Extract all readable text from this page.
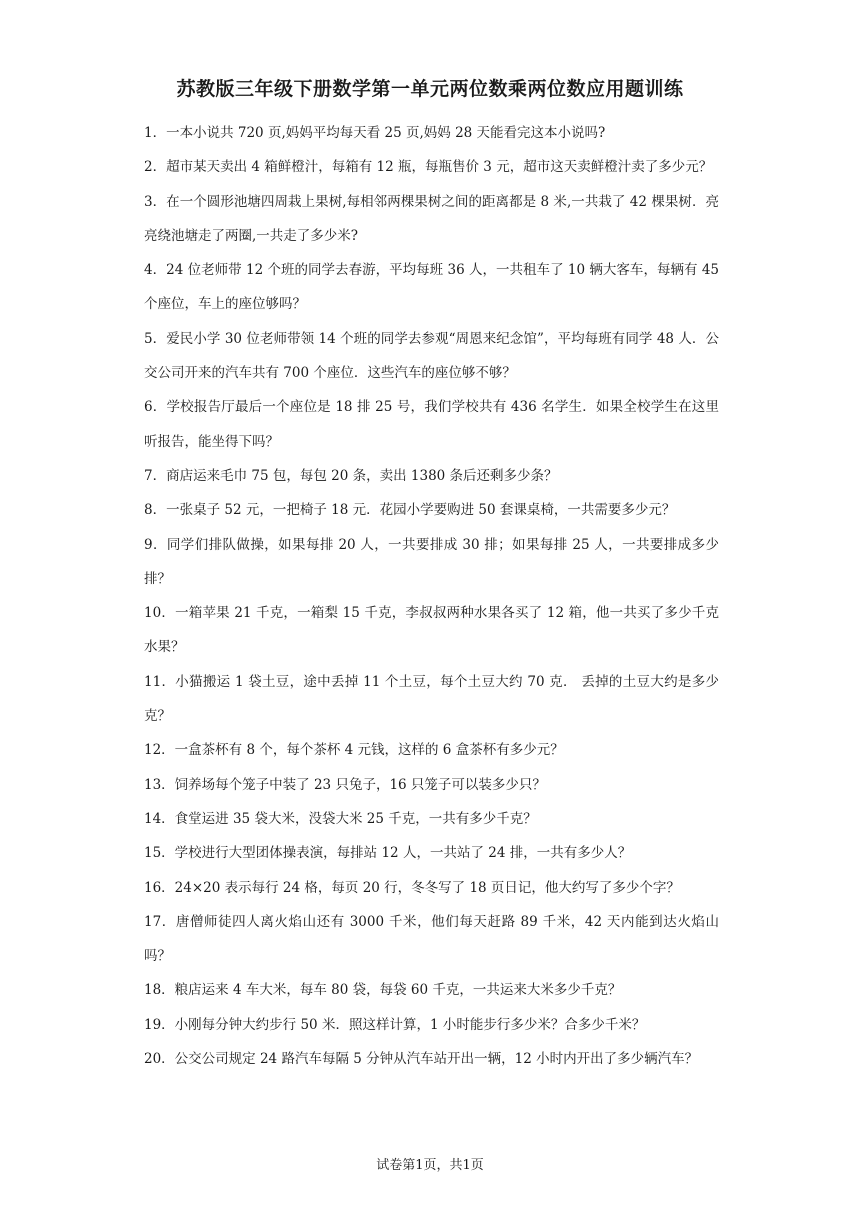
苏教版三年级下册数学第一单元两位数乘两位数应用题训练
1．一本小说共 720 页,妈妈平均每天看 25 页,妈妈 28 天能看完这本小说吗?
2．超市某天卖出 4 箱鲜橙汁，每箱有 12 瓶，每瓶售价 3 元，超市这天卖鲜橙汁卖了多少元？
3．在一个圆形池塘四周栽上果树,每相邻两棵果树之间的距离都是 8 米,一共栽了 42 棵果树．亮亮绕池塘走了两圈,一共走了多少米?
4．24 位老师带 12 个班的同学去春游，平均每班 36 人，一共租车了 10 辆大客车，每辆有 45 个座位，车上的座位够吗？
5．爱民小学 30 位老师带领 14 个班的同学去参观“周恩来纪念馆”，平均每班有同学 48 人．公交公司开来的汽车共有 700 个座位．这些汽车的座位够不够？
6．学校报告厅最后一个座位是 18 排 25 号，我们学校共有 436 名学生．如果全校学生在这里听报告，能坐得下吗？
7．商店运来毛巾 75 包，每包 20 条，卖出 1380 条后还剩多少条？
8．一张桌子 52 元，一把椅子 18 元．花园小学要购进 50 套课桌椅，一共需要多少元？
9．同学们排队做操，如果每排 20 人，一共要排成 30 排；如果每排 25 人，一共要排成多少排？
10．一箱苹果 21 千克，一箱梨 15 千克，李叔叔两种水果各买了 12 箱，他一共买了多少千克水果？
11．小猫搬运 1 袋土豆，途中丢掉 11 个土豆，每个土豆大约 70 克． 丢掉的土豆大约是多少克？
12．一盒茶杯有 8 个，每个茶杯 4 元钱，这样的 6 盒茶杯有多少元？
13．饲养场每个笼子中装了 23 只兔子，16 只笼子可以装多少只？
14．食堂运进 35 袋大米，没袋大米 25 千克，一共有多少千克？
15．学校进行大型团体操表演，每排站 12 人，一共站了 24 排，一共有多少人？
16．24×20 表示每行 24 格，每页 20 行，冬冬写了 18 页日记，他大约写了多少个字？
17．唐僧师徒四人离火焰山还有 3000 千米，他们每天赶路 89 千米，42 天内能到达火焰山吗？
18．粮店运来 4 车大米，每车 80 袋，每袋 60 千克，一共运来大米多少千克？
19．小刚每分钟大约步行 50 米．照这样计算，1 小时能步行多少米？合多少千米？
20．公交公司规定 24 路汽车每隔 5 分钟从汽车站开出一辆，12 小时内开出了多少辆汽车？
试卷第1页，共1页
